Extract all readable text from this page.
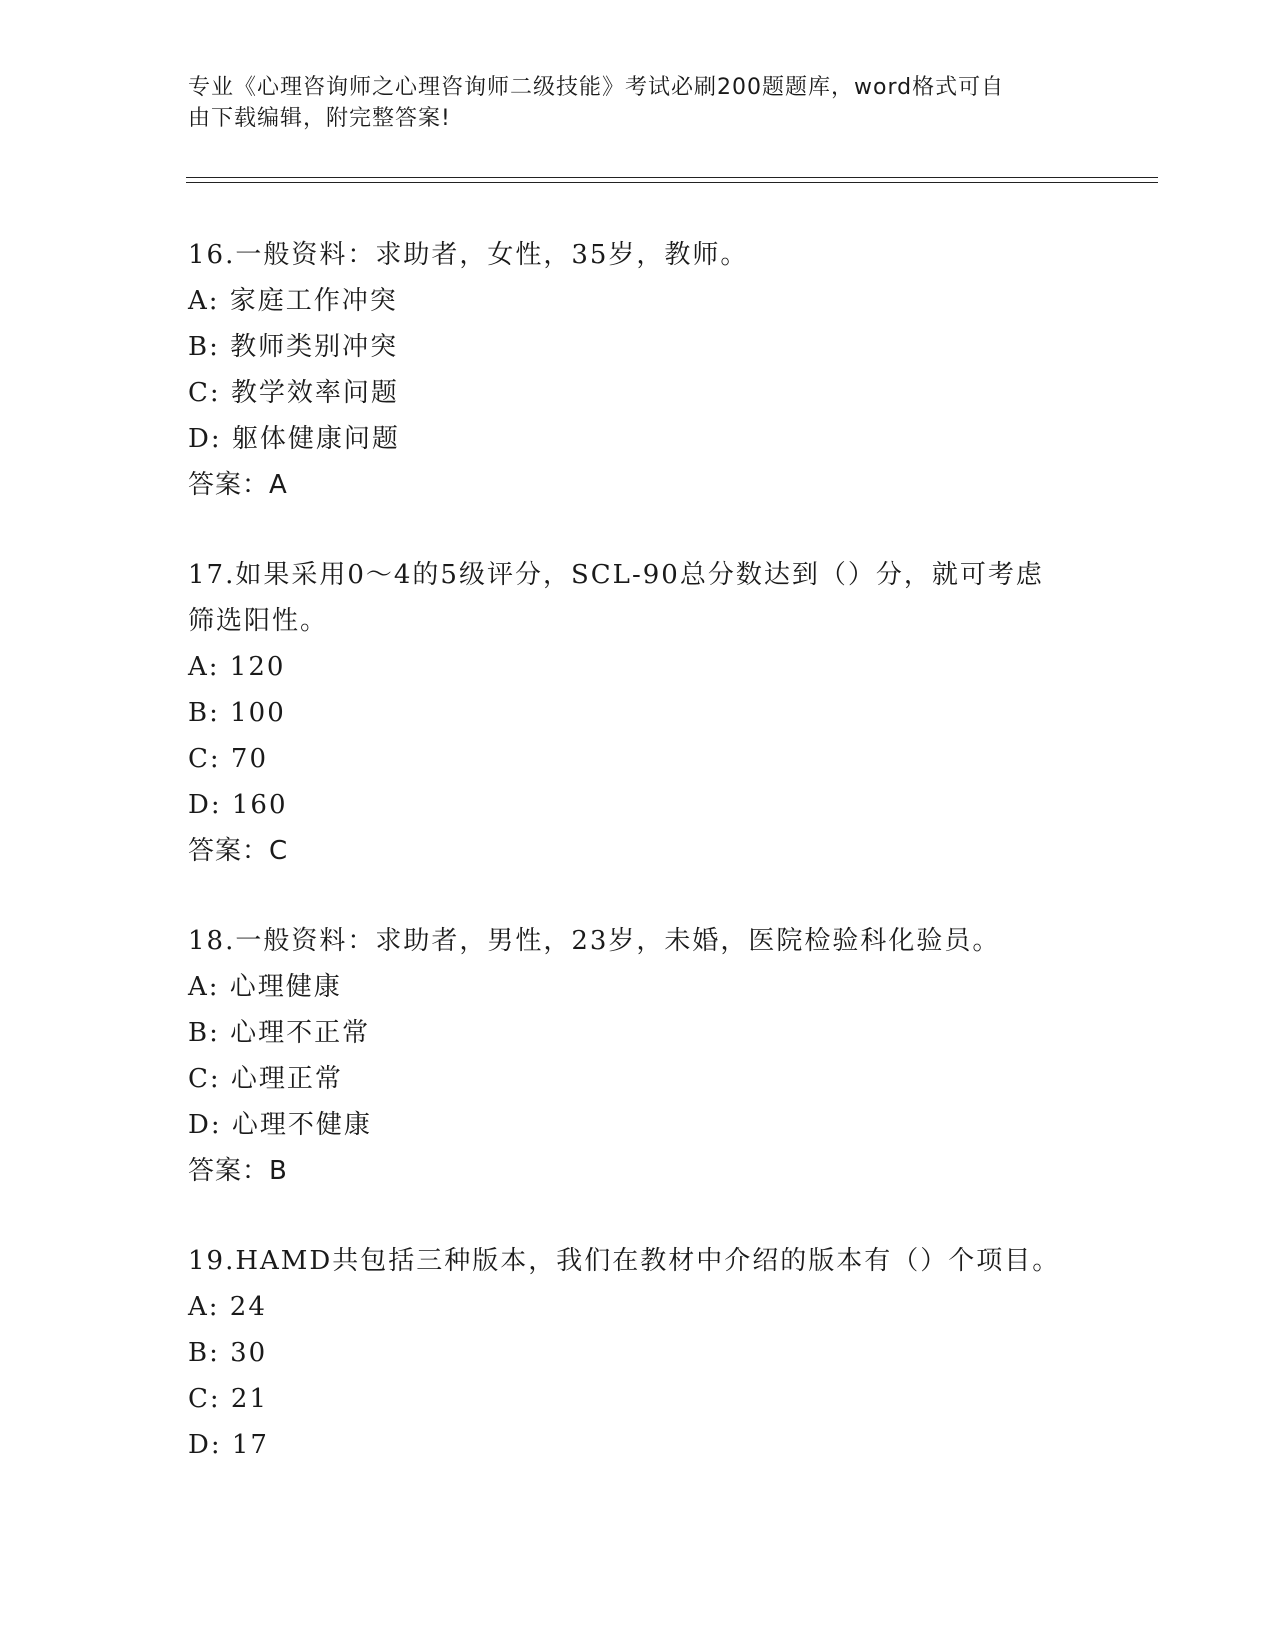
专业《心理咨询师之心理咨询师二级技能》考试必刷200题题库，word格式可自
由下载编辑，附完整答案!
16.一般资料：求助者，女性，35岁，教师。
A: 家庭工作冲突
B: 教师类别冲突
C: 教学效率问题
D: 躯体健康问题
答案：A
17.如果采用0～4的5级评分，SCL-90总分数达到（）分，就可考虑
筛选阳性。
A: 120
B: 100
C: 70
D: 160
答案：C
18.一般资料：求助者，男性，23岁，未婚，医院检验科化验员。
A: 心理健康
B: 心理不正常
C: 心理正常
D: 心理不健康
答案：B
19.HAMD共包括三种版本，我们在教材中介绍的版本有（）个项目。
A: 24
B: 30
C: 21
D: 17
